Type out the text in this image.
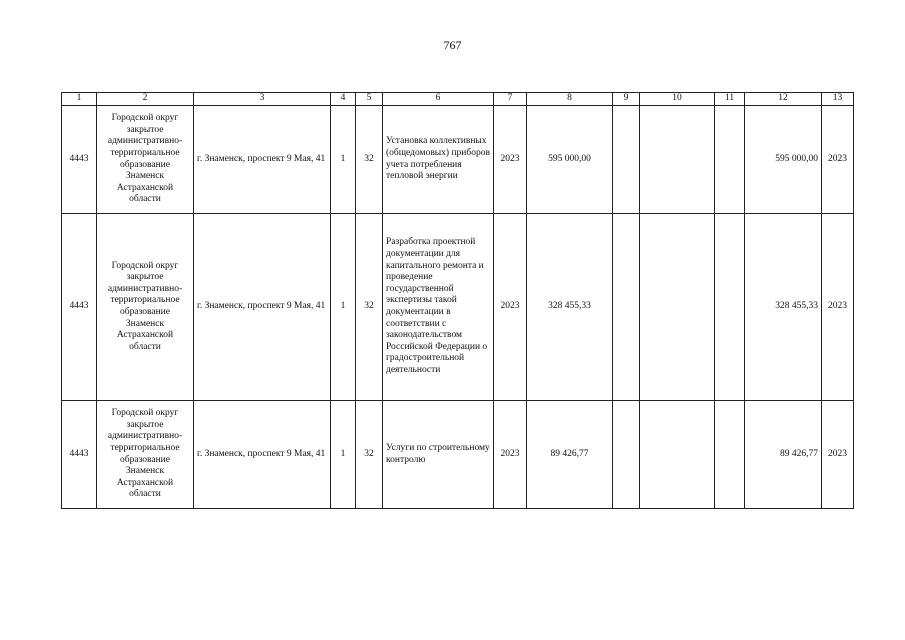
767
1	2	3	4	5	6	7	8	9	10	11	12	13
4443	Городской округ закрытое административно-территориальное образование Знаменск Астраханской области	г. Знаменск, проспект 9 Мая, 41	1	32	Установка коллективных (общедомовых) приборов учета потребления тепловой энергии	2023	595 000,00				595 000,00	2023
4443	Городской округ закрытое административно-территориальное образование Знаменск Астраханской области	г. Знаменск, проспект 9 Мая, 41	1	32	Разработка проектной документации для капитального ремонта и проведение государственной экспертизы такой документации в соответствии с законодательством Российской Федерации о градостроительной деятельности	2023	328 455,33				328 455,33	2023
4443	Городской округ закрытое административно-территориальное образование Знаменск Астраханской области	г. Знаменск, проспект 9 Мая, 41	1	32	Услуги по строительному контролю	2023	89 426,77				89 426,77	2023
